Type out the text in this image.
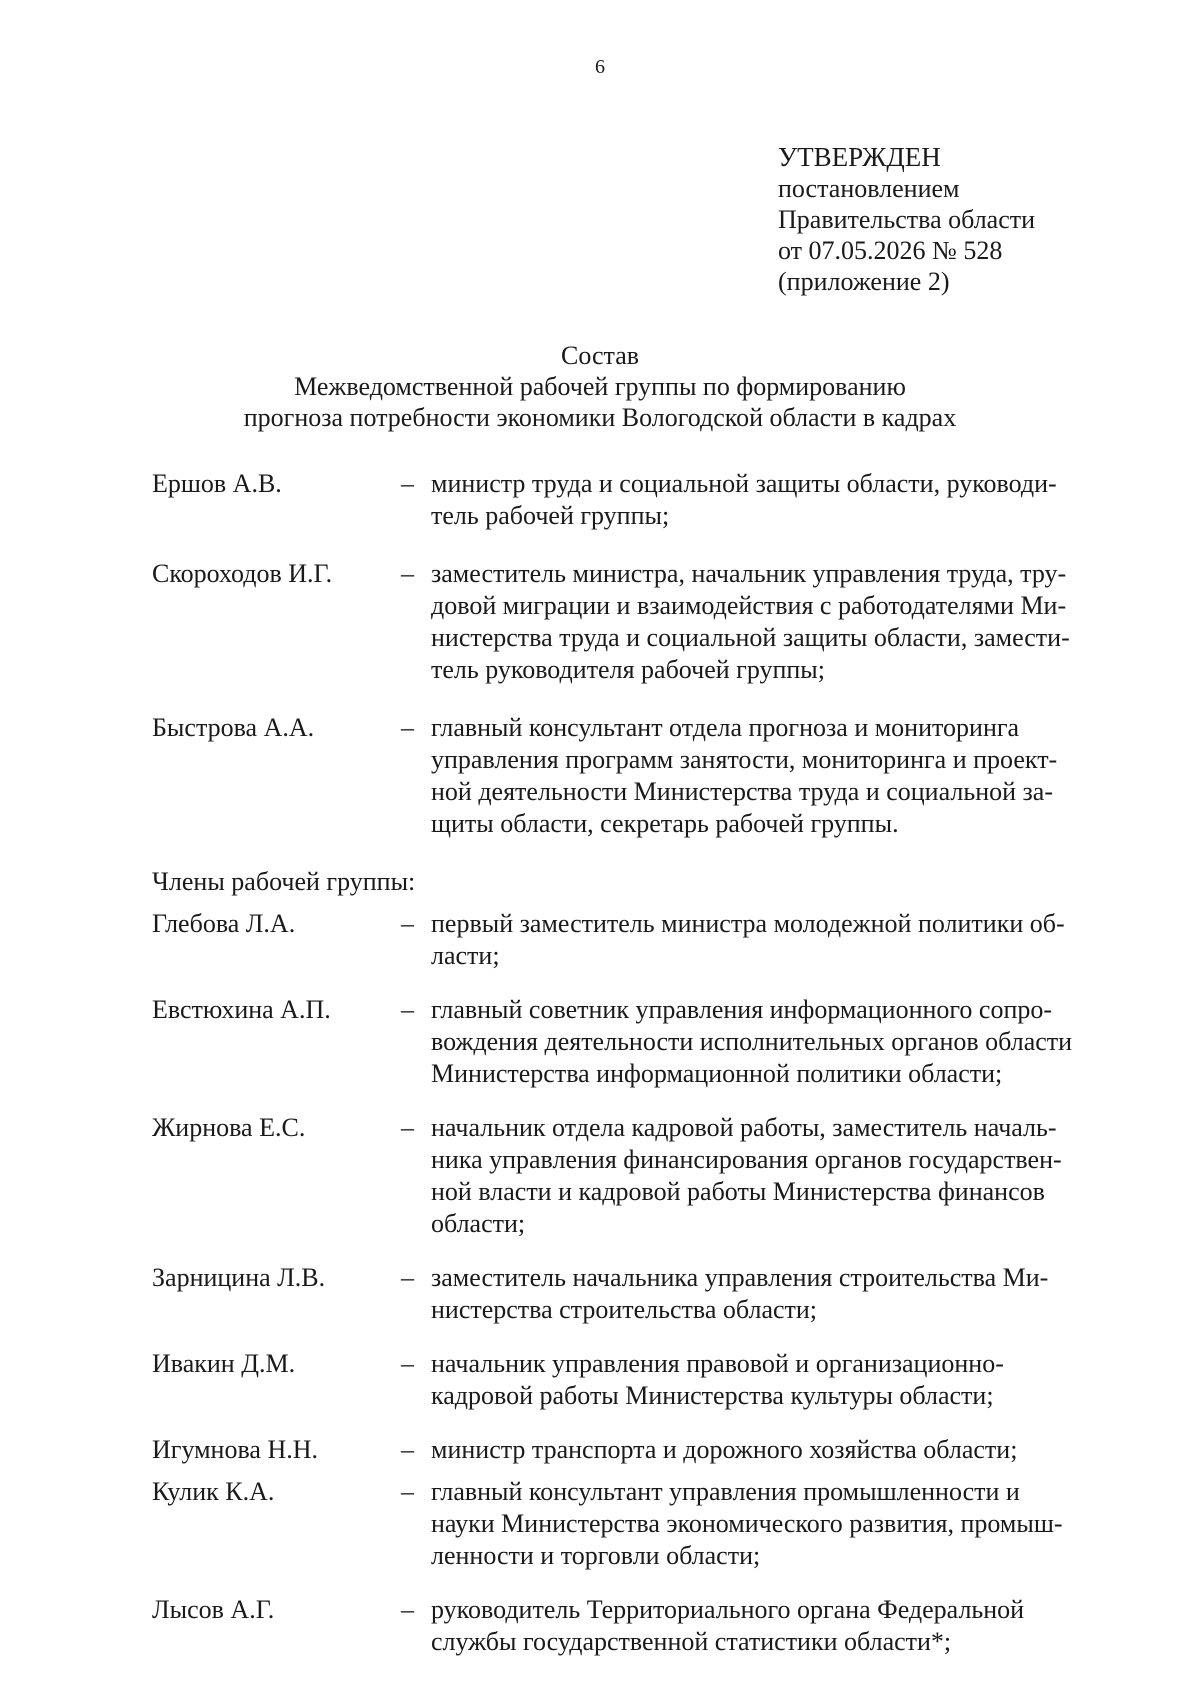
6
УТВЕРЖДЕН
постановлением
Правительства области
от 07.05.2026 № 528
(приложение 2)
Состав
Межведомственной рабочей группы по формированию
прогноза потребности экономики Вологодской области в кадрах
Ершов А.В.	– министр труда и социальной защиты области, руководи-
тель рабочей группы;
Скороходов И.Г.	– заместитель министра, начальник управления труда, тру-
довой миграции и взаимодействия с работодателями Ми-
нистерства труда и социальной защиты области, замести-
тель руководителя рабочей группы;
Быстрова А.А.	– главный консультант отдела прогноза и мониторинга
управления программ занятости, мониторинга и проект-
ной деятельности Министерства труда и социальной за-
щиты области, секретарь рабочей группы.
Члены рабочей группы:
Глебова Л.А.	– первый заместитель министра молодежной политики об-
ласти;
Евстюхина А.П.	– главный советник управления информационного сопро-
вождения деятельности исполнительных органов области
Министерства информационной политики области;
Жирнова Е.С.	– начальник отдела кадровой работы, заместитель началь-
ника управления финансирования органов государствен-
ной власти и кадровой работы Министерства финансов
области;
Зарницина Л.В.	– заместитель начальника управления строительства Ми-
нистерства строительства области;
Ивакин Д.М.	– начальник управления правовой и организационно-
кадровой работы Министерства культуры области;
Игумнова Н.Н.	– министр транспорта и дорожного хозяйства области;
Кулик К.А.	– главный консультант управления промышленности и
науки Министерства экономического развития, промыш-
ленности и торговли области;
Лысов А.Г.	– руководитель Территориального органа Федеральной
службы государственной статистики области*;
